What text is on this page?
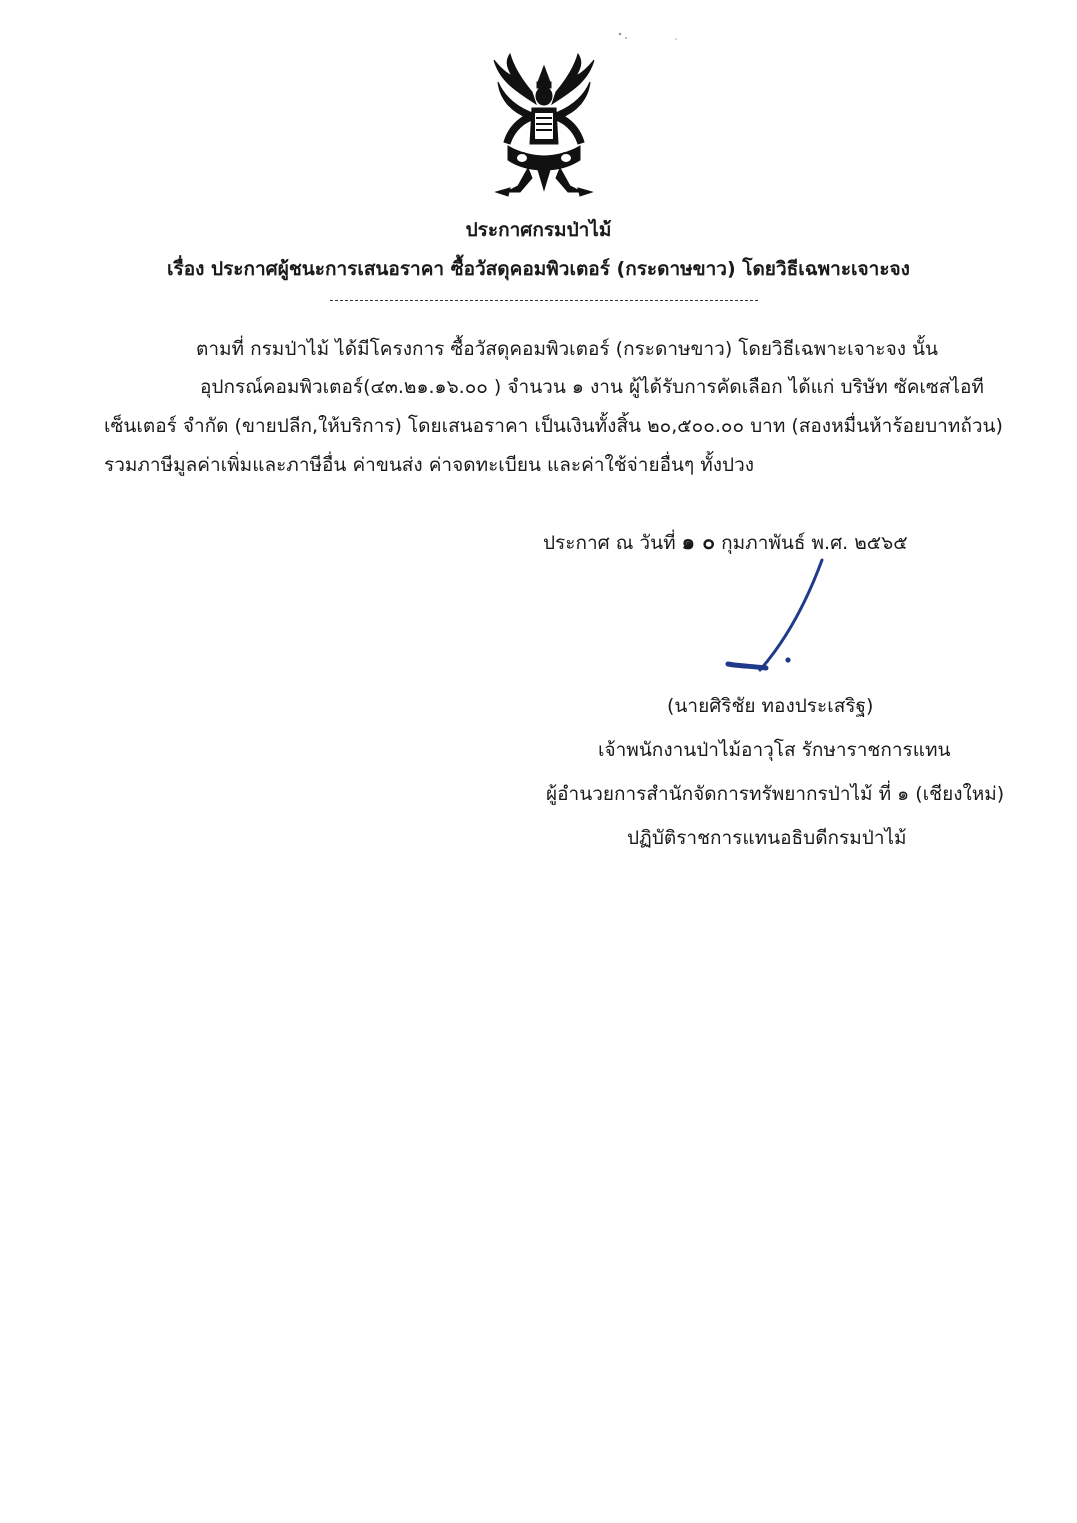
ประกาศกรมป่าไม้
เรื่อง ประกาศผู้ชนะการเสนอราคา ซื้อวัสดุคอมพิวเตอร์ (กระดาษขาว) โดยวิธีเฉพาะเจาะจง
ตามที่ กรมป่าไม้ ได้มีโครงการ ซื้อวัสดุคอมพิวเตอร์ (กระดาษขาว) โดยวิธีเฉพาะเจาะจง นั้น
อุปกรณ์คอมพิวเตอร์(๔๓.๒๑.๑๖.๐๐ ) จำนวน ๑ งาน ผู้ได้รับการคัดเลือก ได้แก่ บริษัท ซัคเซสไอที
เซ็นเตอร์ จำกัด (ขายปลีก,ให้บริการ) โดยเสนอราคา เป็นเงินทั้งสิ้น ๒๐,๕๐๐.๐๐ บาท (สองหมื่นห้าร้อยบาทถ้วน)
รวมภาษีมูลค่าเพิ่มและภาษีอื่น ค่าขนส่ง ค่าจดทะเบียน และค่าใช้จ่ายอื่นๆ ทั้งปวง
ประกาศ ณ วันที่ ๑ ๐ กุมภาพันธ์ พ.ศ. ๒๕๖๕
(นายศิริชัย ทองประเสริฐ)
เจ้าพนักงานป่าไม้อาวุโส รักษาราชการแทน
ผู้อำนวยการสำนักจัดการทรัพยากรป่าไม้ ที่ ๑ (เชียงใหม่)
ปฏิบัติราชการแทนอธิบดีกรมป่าไม้
